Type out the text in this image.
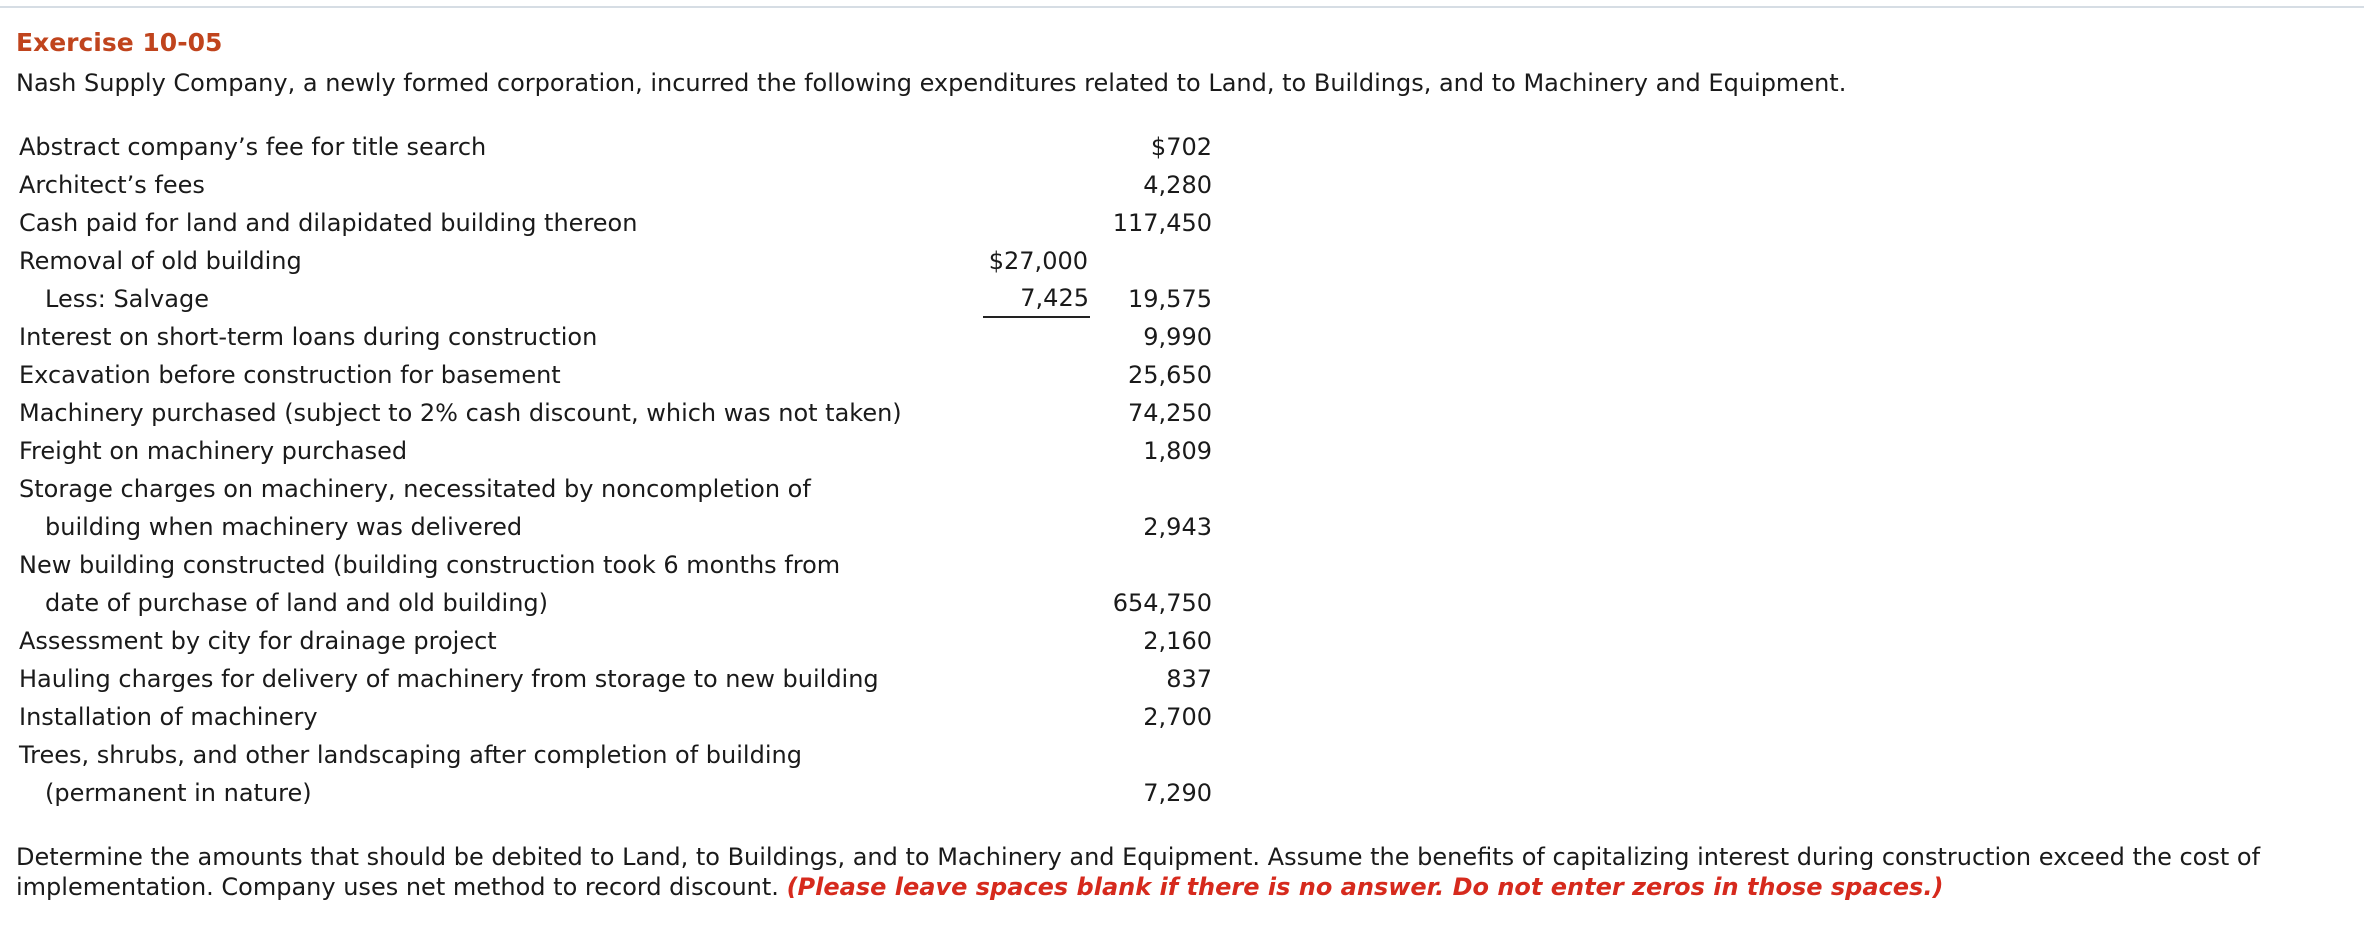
Exercise 10-05
Nash Supply Company, a newly formed corporation, incurred the following expenditures related to Land, to Buildings, and to Machinery and Equipment.
Abstract company’s fee for title search	$702
Architect’s fees	4,280
Cash paid for land and dilapidated building thereon	117,450
Removal of old building	$27,000
Less: Salvage	7,425	19,575
Interest on short-term loans during construction	9,990
Excavation before construction for basement	25,650
Machinery purchased (subject to 2% cash discount, which was not taken)	74,250
Freight on machinery purchased	1,809
Storage charges on machinery, necessitated by noncompletion of
building when machinery was delivered	2,943
New building constructed (building construction took 6 months from
date of purchase of land and old building)	654,750
Assessment by city for drainage project	2,160
Hauling charges for delivery of machinery from storage to new building	837
Installation of machinery	2,700
Trees, shrubs, and other landscaping after completion of building
(permanent in nature)	7,290
Determine the amounts that should be debited to Land, to Buildings, and to Machinery and Equipment. Assume the benefits of capitalizing interest during construction exceed the cost of implementation. Company uses net method to record discount. (Please leave spaces blank if there is no answer. Do not enter zeros in those spaces.)
